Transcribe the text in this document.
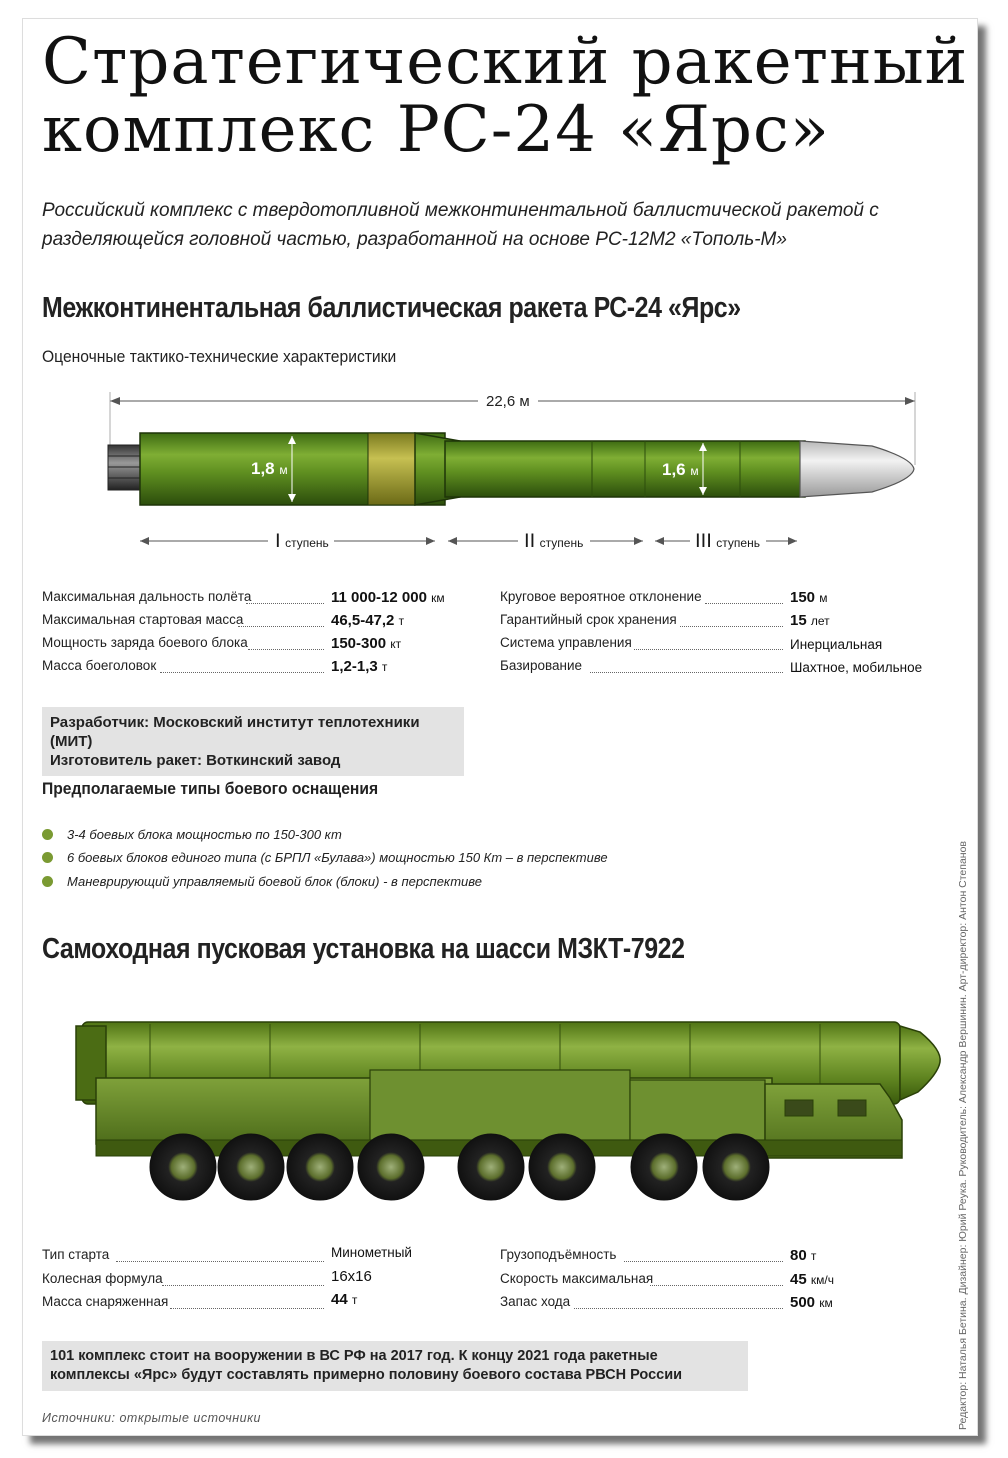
Стратегический ракетный
комплекс РС-24 «Ярс»
Российский комплекс с твердотопливной межконтинентальной баллистической ракетой с разделяющейся головной частью, разработанной на основе РС-12М2 «Тополь-М»
Межконтинентальная баллистическая ракета РС-24 «Ярс»
Оценочные тактико-технические характеристики
22,6 м
1,8 м	1,6 м
I ступень	II ступень	III ступень
Максимальная дальность полёта	11 000-12 000 км
Максимальная стартовая масса	46,5-47,2 т
Мощность заряда боевого блока	150-300 кт
Масса боеголовок	1,2-1,3 т
Круговое вероятное отклонение	150 м
Гарантийный срок хранения	15 лет
Система управления	Инерциальная
Базирование	Шахтное, мобильное
Разработчик: Московский институт теплотехники (МИТ)
Изготовитель ракет: Воткинский завод
Предполагаемые типы боевого оснащения
3-4 боевых блока мощностью по 150-300 кт
6 боевых блоков единого типа (с БРПЛ «Булава») мощностью 150 Кт – в перспективе
Маневрирующий управляемый боевой блок (блоки) - в перспективе
Самоходная пусковая установка на шасси МЗКТ-7922
Тип старта	Минометный
Колесная формула	16x16
Масса снаряженная	44 т
Грузоподъёмность	80 т
Скорость максимальная	45 км/ч
Запас хода	500 км
101 комплекс стоит на вооружении в ВС РФ на 2017 год. К концу 2021 года ракетные комплексы «Ярс» будут составлять примерно половину боевого состава РВСН России
Источники: открытые источники	Редактор: Наталья Бетина. Дизайнер: Юрий Реука. Руководитель: Александр Вершинин. Арт-директор: Антон Степанов
